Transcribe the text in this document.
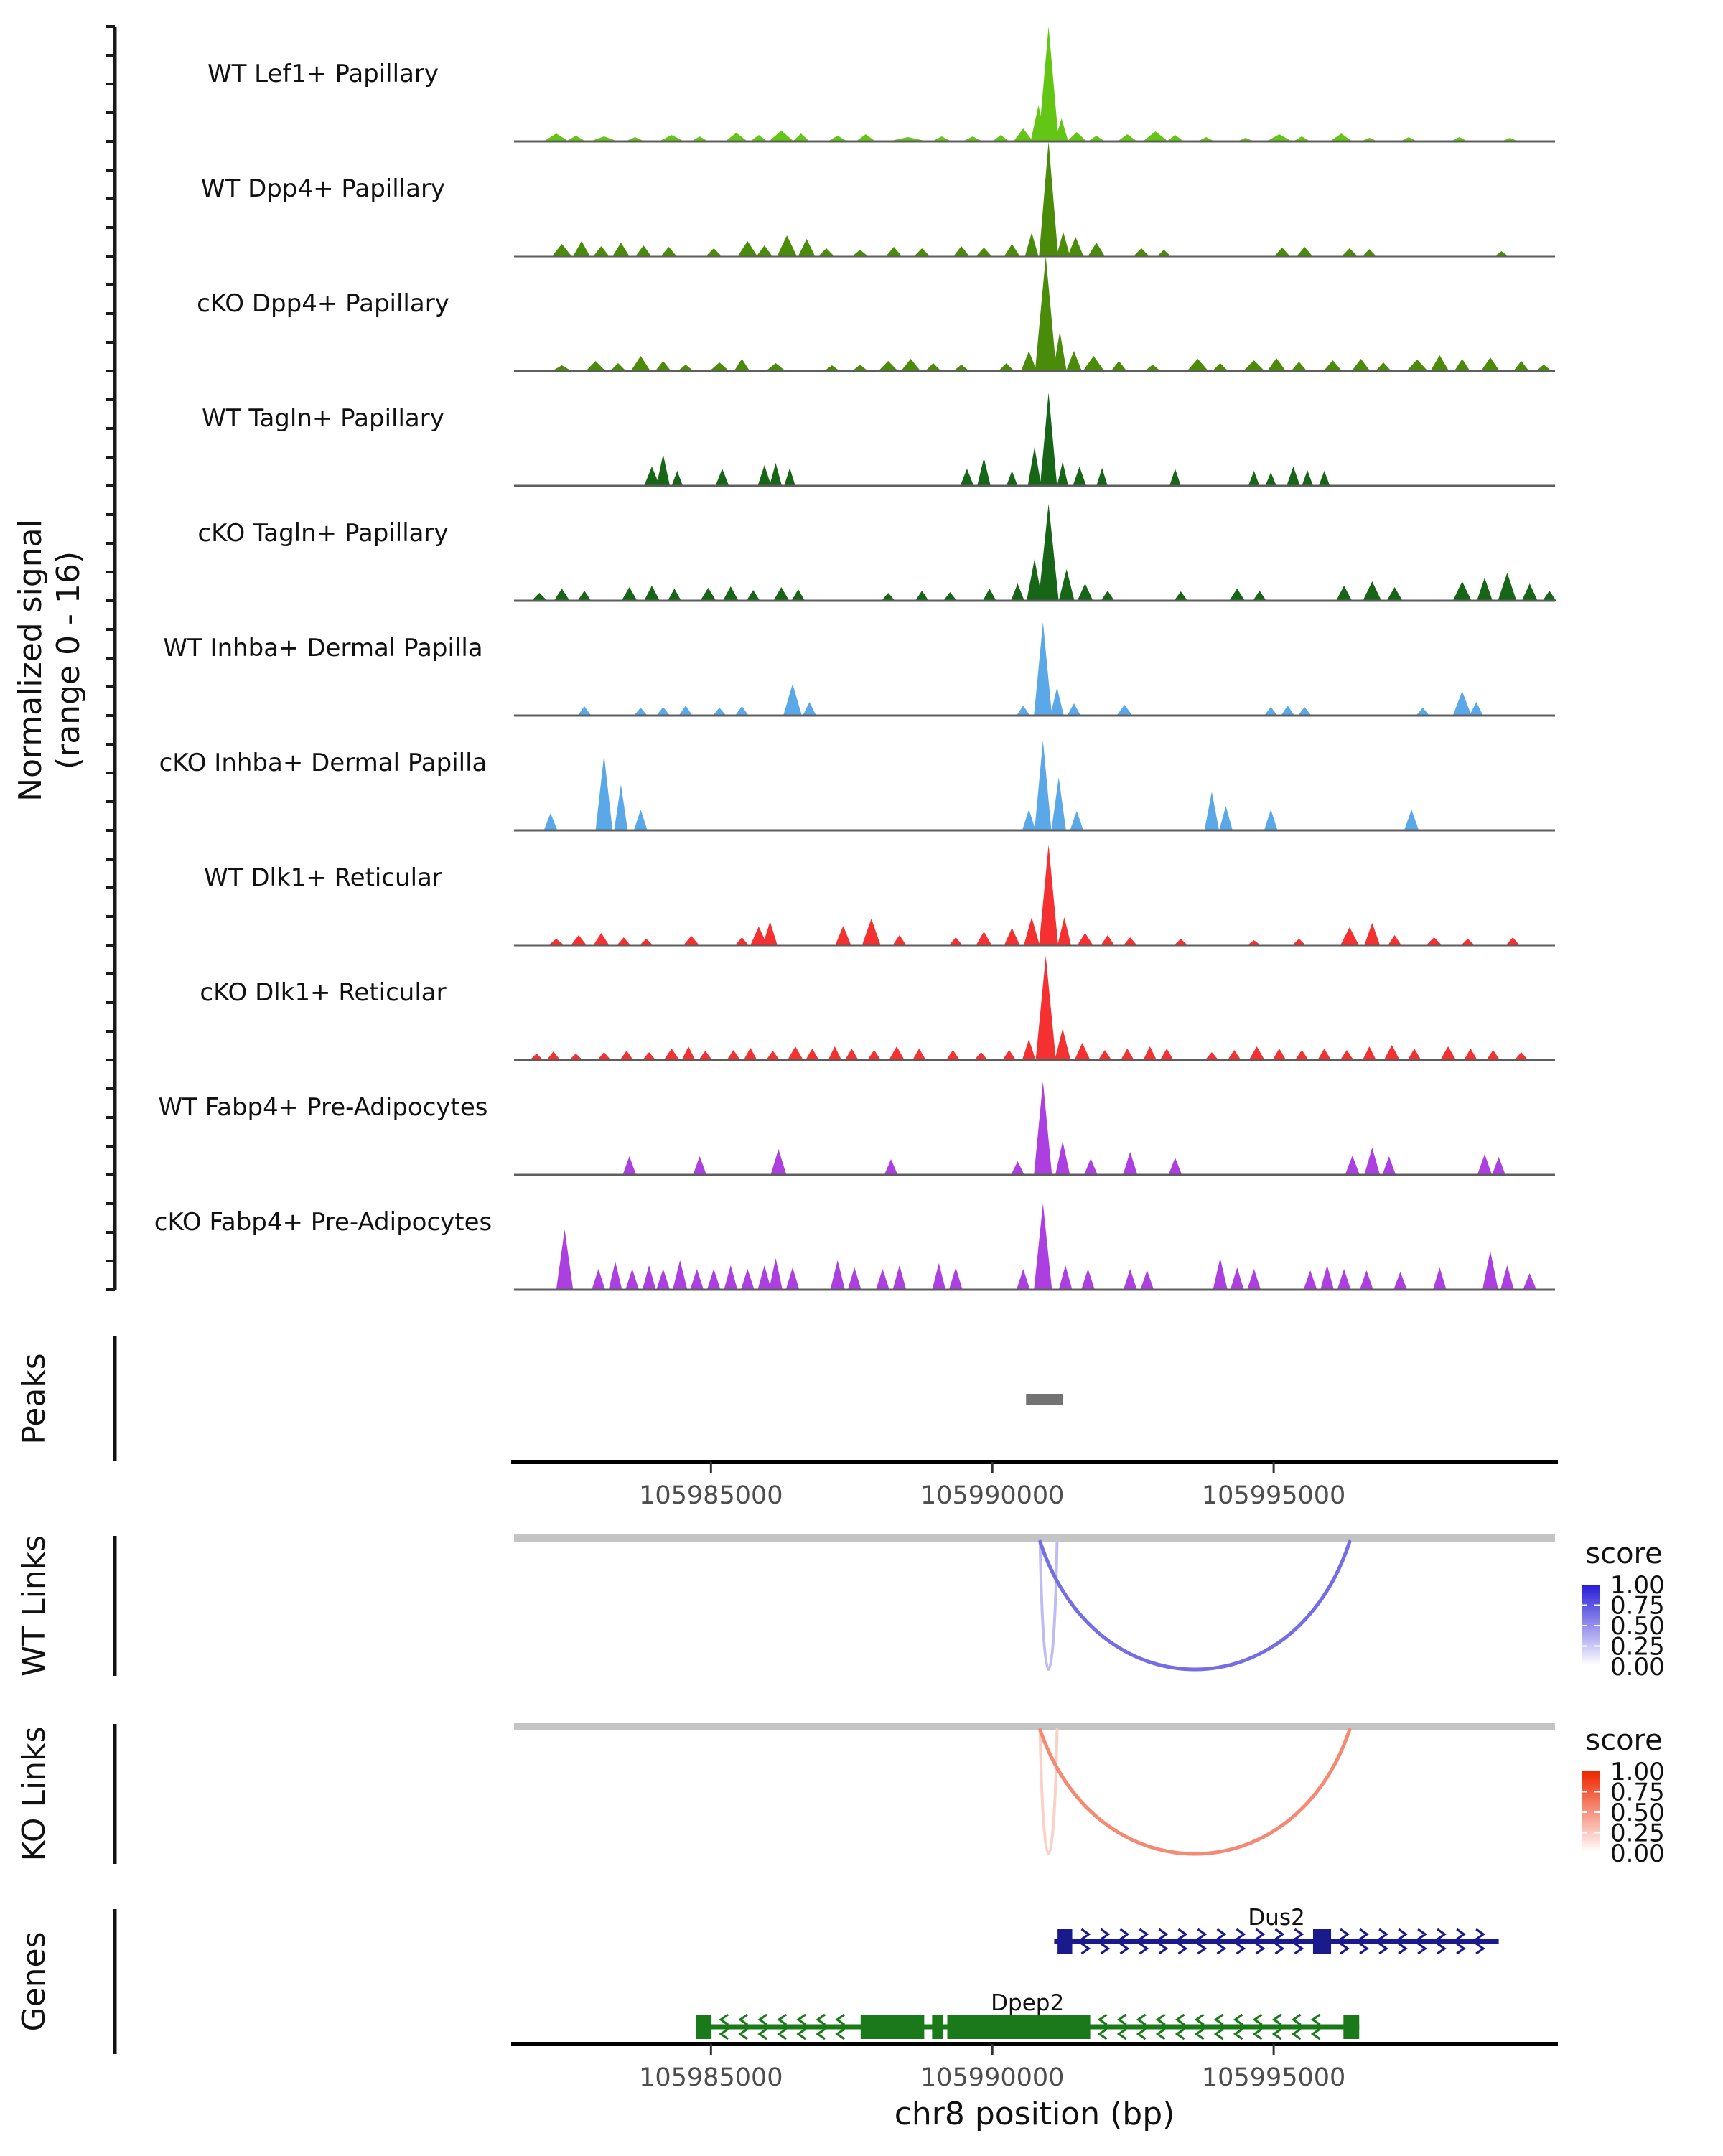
Normalized signal (range 0 - 16)
WT Lef1+ Papillary
WT Dpp4+ Papillary
cKO Dpp4+ Papillary
WT Tagln+ Papillary
cKO Tagln+ Papillary
WT Inhba+ Dermal Papilla
cKO Inhba+ Dermal Papilla
WT Dlk1+ Reticular
cKO Dlk1+ Reticular
WT Fabp4+ Pre-Adipocytes
cKO Fabp4+ Pre-Adipocytes
Peaks
105985000	105990000	105995000
105985000	105990000	105995000
chr8 position (bp)
WT Links	score
1.00
0.75
0.50
0.25
0.00
KO Links	score
1.00
0.75
0.50
0.25
0.00
Genes
Dus2
Dpep2
